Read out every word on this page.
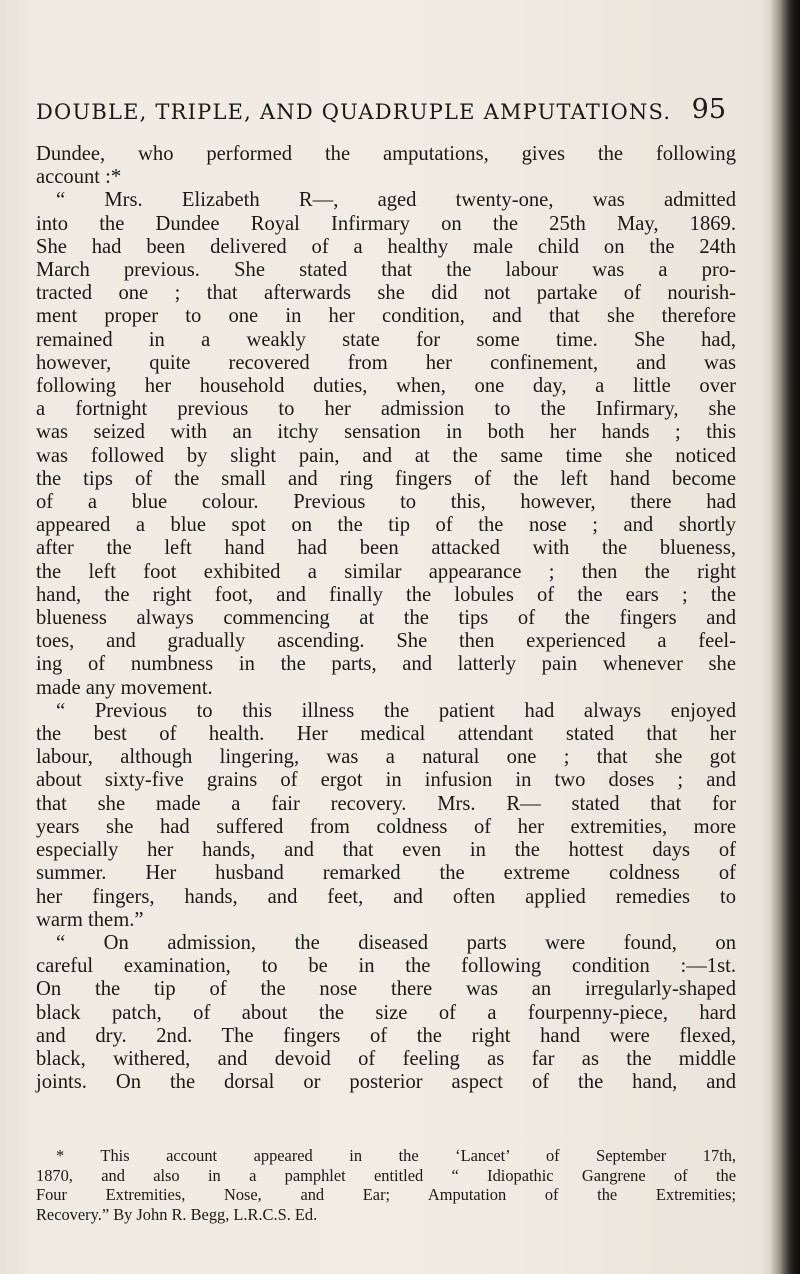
DOUBLE, TRIPLE, AND QUADRUPLE AMPUTATIONS. 95
Dundee, who performed the amputations, gives the following
account :*
“ Mrs. Elizabeth R—, aged twenty-one, was admitted
into the Dundee Royal Infirmary on the 25th May, 1869.
She had been delivered of a healthy male child on the 24th
March previous. She stated that the labour was a pro-
tracted one ; that afterwards she did not partake of nourish-
ment proper to one in her condition, and that she therefore
remained in a weakly state for some time. She had,
however, quite recovered from her confinement, and was
following her household duties, when, one day, a little over
a fortnight previous to her admission to the Infirmary, she
was seized with an itchy sensation in both her hands ; this
was followed by slight pain, and at the same time she noticed
the tips of the small and ring fingers of the left hand become
of a blue colour. Previous to this, however, there had
appeared a blue spot on the tip of the nose ; and shortly
after the left hand had been attacked with the blueness,
the left foot exhibited a similar appearance ; then the right
hand, the right foot, and finally the lobules of the ears ; the
blueness always commencing at the tips of the fingers and
toes, and gradually ascending. She then experienced a feel-
ing of numbness in the parts, and latterly pain whenever she
made any movement.
“ Previous to this illness the patient had always enjoyed
the best of health. Her medical attendant stated that her
labour, although lingering, was a natural one ; that she got
about sixty-five grains of ergot in infusion in two doses ; and
that she made a fair recovery. Mrs. R— stated that for
years she had suffered from coldness of her extremities, more
especially her hands, and that even in the hottest days of
summer. Her husband remarked the extreme coldness of
her fingers, hands, and feet, and often applied remedies to
warm them.”
“ On admission, the diseased parts were found, on
careful examination, to be in the following condition :—1st.
On the tip of the nose there was an irregularly-shaped
black patch, of about the size of a fourpenny-piece, hard
and dry. 2nd. The fingers of the right hand were flexed,
black, withered, and devoid of feeling as far as the middle
joints. On the dorsal or posterior aspect of the hand, and
* This account appeared in the ‘Lancet’ of September 17th,
1870, and also in a pamphlet entitled “ Idiopathic Gangrene of the
Four Extremities, Nose, and Ear; Amputation of the Extremities;
Recovery.” By John R. Begg, L.R.C.S. Ed.
